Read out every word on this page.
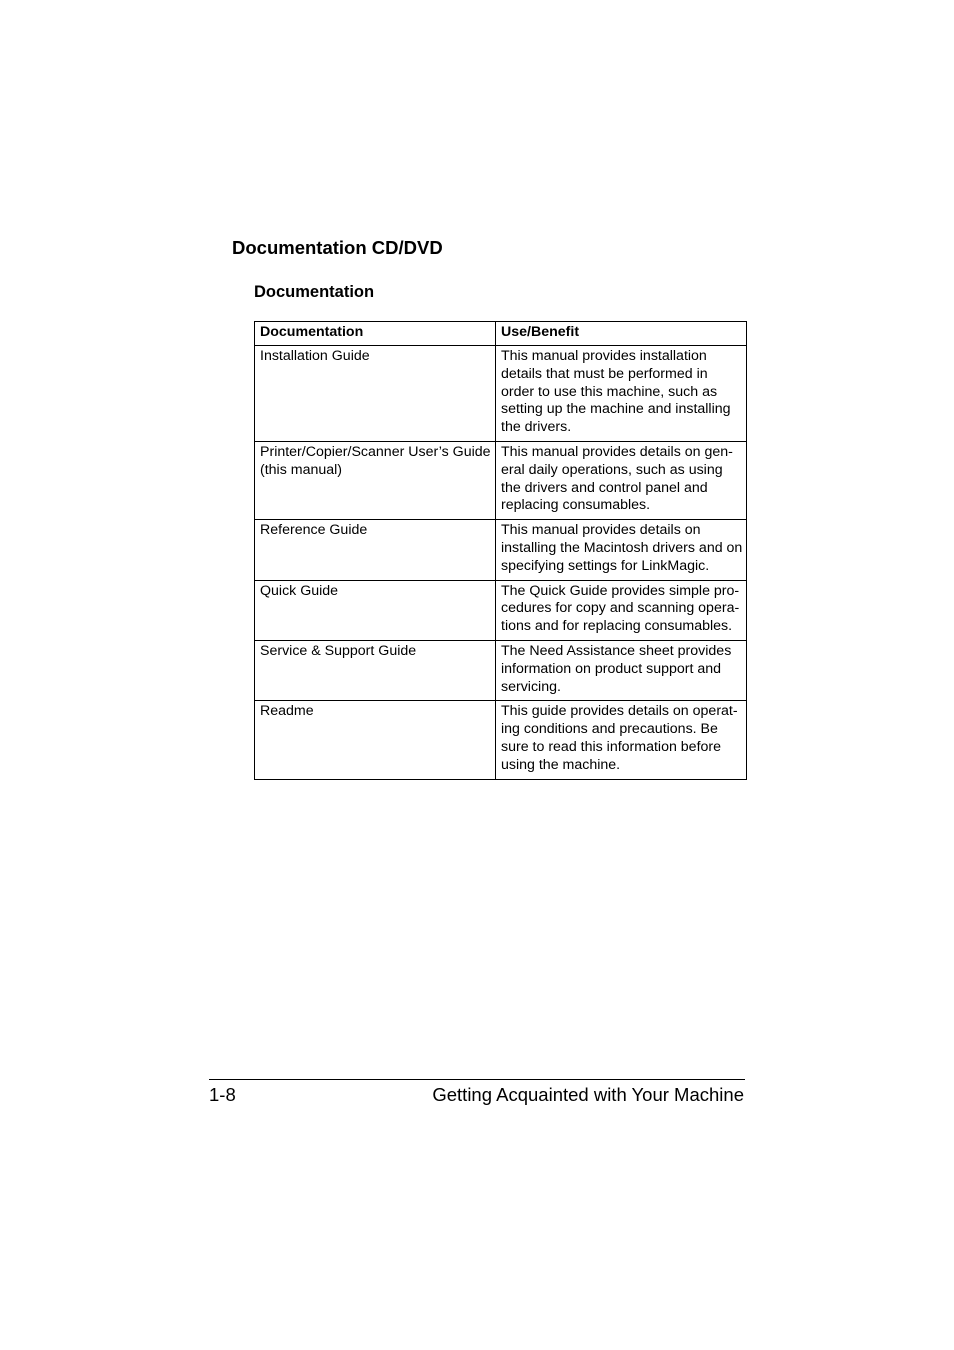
Documentation CD/DVD
Documentation
Documentation	Use/Benefit
Installation Guide	This manual provides installation
details that must be performed in
order to use this machine, such as
setting up the machine and installing
the drivers.
Printer/Copier/Scanner User’s Guide
(this manual)	This manual provides details on gen-
eral daily operations, such as using
the drivers and control panel and
replacing consumables.
Reference Guide	This manual provides details on
installing the Macintosh drivers and on
specifying settings for LinkMagic.
Quick Guide	The Quick Guide provides simple pro-
cedures for copy and scanning opera-
tions and for replacing consumables.
Service & Support Guide	The Need Assistance sheet provides
information on product support and
servicing.
Readme	This guide provides details on operat-
ing conditions and precautions. Be
sure to read this information before
using the machine.
1-8	Getting Acquainted with Your Machine
